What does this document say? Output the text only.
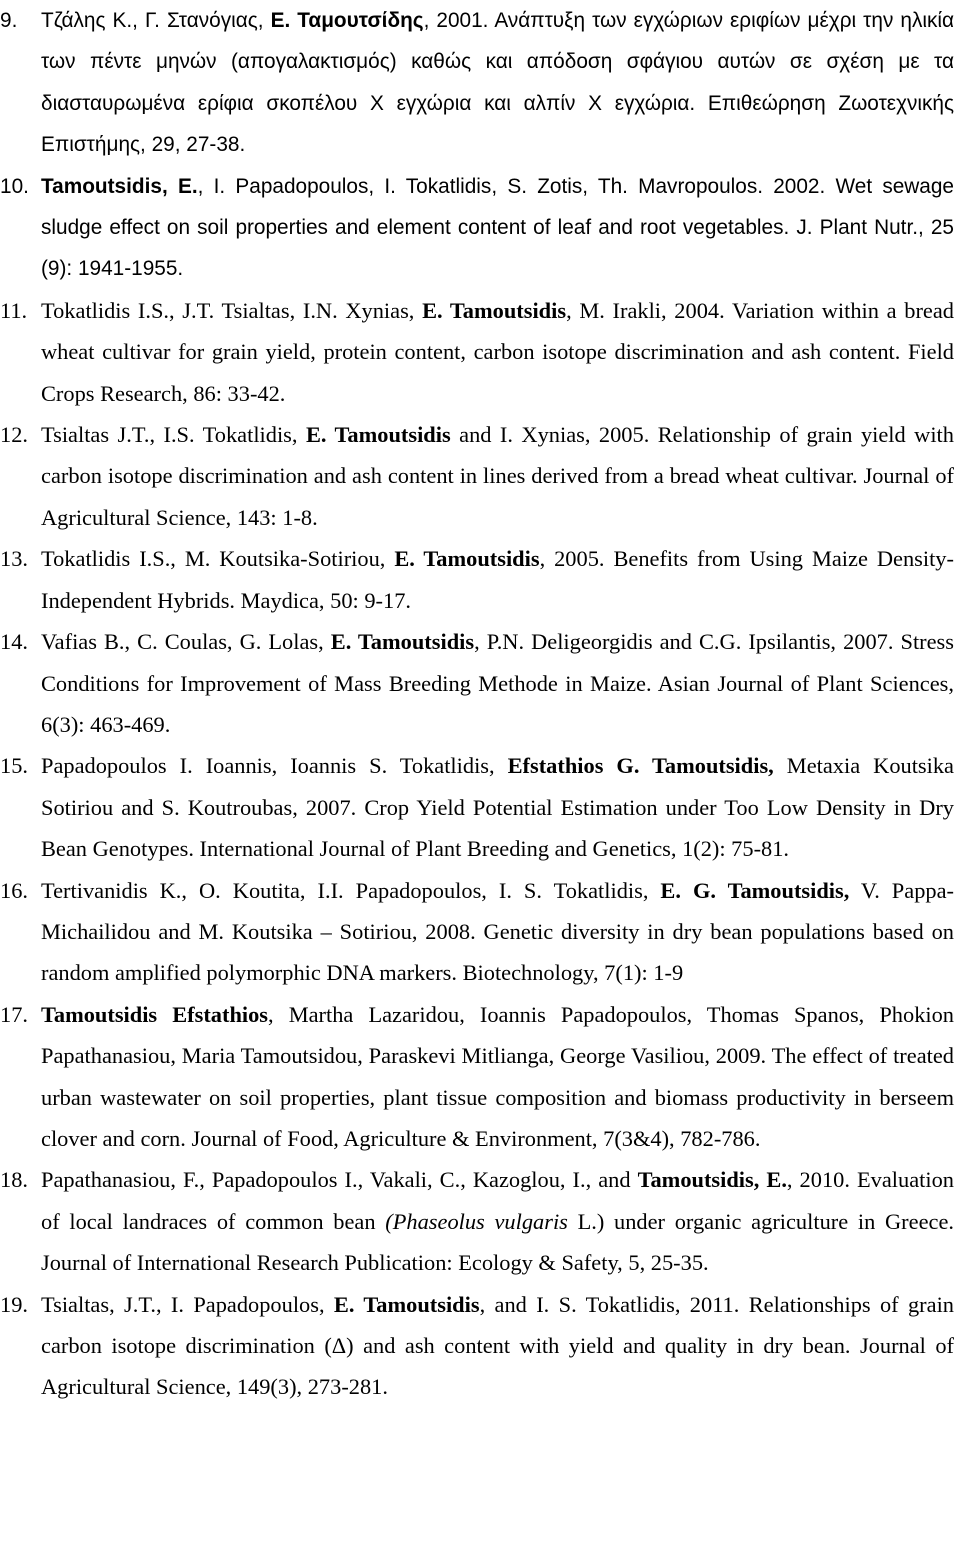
9. Τζάλης Κ., Γ. Στανόγιας, Ε. Ταμουτσίδης, 2001. Ανάπτυξη των εγχώριων εριφίων μέχρι την ηλικία των πέντε μηνών (απογαλακτισμός) καθώς και απόδοση σφάγιου αυτών σε σχέση με τα διασταυρωμένα ερίφια σκοπέλου Χ εγχώρια και αλπίν Χ εγχώρια. Επιθεώρηση Ζωοτεχνικής Επιστήμης, 29, 27-38.
10. Tamoutsidis, E., I. Papadopoulos, I. Tokatlidis, S. Zotis, Th. Mavropoulos. 2002. Wet sewage sludge effect on soil properties and element content of leaf and root vegetables. J. Plant Nutr., 25 (9): 1941-1955.
11. Tokatlidis I.S., J.T. Tsialtas, I.N. Xynias, E. Tamoutsidis, M. Irakli, 2004. Variation within a bread wheat cultivar for grain yield, protein content, carbon isotope discrimination and ash content. Field Crops Research, 86: 33-42.
12. Tsialtas J.T., I.S. Tokatlidis, E. Tamoutsidis and I. Xynias, 2005. Relationship of grain yield with carbon isotope discrimination and ash content in lines derived from a bread wheat cultivar. Journal of Agricultural Science, 143: 1-8.
13. Tokatlidis I.S., M. Koutsika-Sotiriou, E. Tamoutsidis, 2005. Benefits from Using Maize Density-Independent Hybrids. Maydica, 50: 9-17.
14. Vafias B., C. Coulas, G. Lolas, E. Tamoutsidis, P.N. Deligeorgidis and C.G. Ipsilantis, 2007. Stress Conditions for Improvement of Mass Breeding Methode in Maize. Asian Journal of Plant Sciences, 6(3): 463-469.
15. Papadopoulos I. Ioannis, Ioannis S. Tokatlidis, Efstathios G. Tamoutsidis, Metaxia Koutsika Sotiriou and S. Koutroubas, 2007. Crop Yield Potential Estimation under Too Low Density in Dry Bean Genotypes. International Journal of Plant Breeding and Genetics, 1(2): 75-81.
16. Tertivanidis K., O. Koutita, I.I. Papadopoulos, I. S. Tokatlidis, E. G. Tamoutsidis, V. Pappa-Michailidou and M. Koutsika – Sotiriou, 2008. Genetic diversity in dry bean populations based on random amplified polymorphic DNA markers. Biotechnology, 7(1): 1-9
17. Tamoutsidis Efstathios, Martha Lazaridou, Ioannis Papadopoulos, Thomas Spanos, Phokion Papathanasiou, Maria Tamoutsidou, Paraskevi Mitlianga, George Vasiliou, 2009. The effect of treated urban wastewater on soil properties, plant tissue composition and biomass productivity in berseem clover and corn. Journal of Food, Agriculture & Environment, 7(3&4), 782-786.
18. Papathanasiou, F., Papadopoulos I., Vakali, C., Kazoglou, I., and Tamoutsidis, E., 2010. Evaluation of local landraces of common bean (Phaseolus vulgaris L.) under organic agriculture in Greece. Journal of International Research Publication: Ecology & Safety, 5, 25-35.
19. Tsialtas, J.T., I. Papadopoulos, E. Tamoutsidis, and I. S. Tokatlidis, 2011. Relationships of grain carbon isotope discrimination (Δ) and ash content with yield and quality in dry bean. Journal of Agricultural Science, 149(3), 273-281.
